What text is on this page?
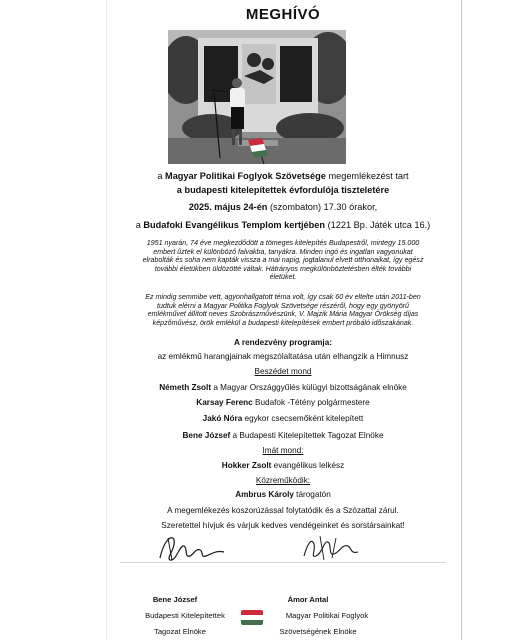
MEGHÍVÓ
a Magyar Politikai Foglyok Szövetsége megemlékezést tart
a budapesti kitelepítettek évfordulója tiszteletére
2025. május 24-én (szombaton) 17.30 órakor,
a Budafoki Evangélikus Templom kertjében (1221 Bp. Játék utca 16.)
1951 nyarán, 74 éve megkezdődött a tömeges kitelepítés Budapestről, mintegy 15.000
embert űztek el különböző falvakba, tanyákra. Minden ingó és ingatlan vagyonukat
elrabolták és soha nem kapták vissza a mai napig, jogtalanul elvett otthonaikat, így egész
további életükben üldözötté váltak. Hátrányos megkülönböztetésben élték további
életüket.
Ez mindig semmibe vett, agyonhallgatott téma volt, így csak 60 év eltelte után 2011-ben
tudtuk elérni a Magyar Politika Foglyok Szövetsége részéről, hogy egy gyönyörű
emlékművet állított neves Szobrászművészünk, V. Majzik Mária Magyar Örökség díjas
képzőművész, örök emlékül a budapesti kitelepítések embert próbáló időszakának.
A rendezvény programja:
az emlékmű harangjainak megszólaltatása után elhangzik a Himnusz
Beszédet mond
Németh Zsolt a Magyar Országgyűlés külügyi bizottságának elnöke
Karsay Ferenc Budafok -Tétény polgármestere
Jakó Nóra egykor csecsemőként kitelepített
Bene József a Budapesti Kitelepítettek Tagozat Elnöke
Imát mond:
Hokker Zsolt evangélikus lelkész
Közreműködik:
Ambrus Károly tárogatón
A megemlékezés koszorúzással folytatódik és a Szózattal zárul.
Szeretettel hívjuk és várjuk kedves vendégeinket és sorstársainkat!
Bene József
Budapesti Kitelepítettek
Tagozat Elnöke
Ámor Antal
Magyar Politikai Foglyok
Szövetségének Elnöke
